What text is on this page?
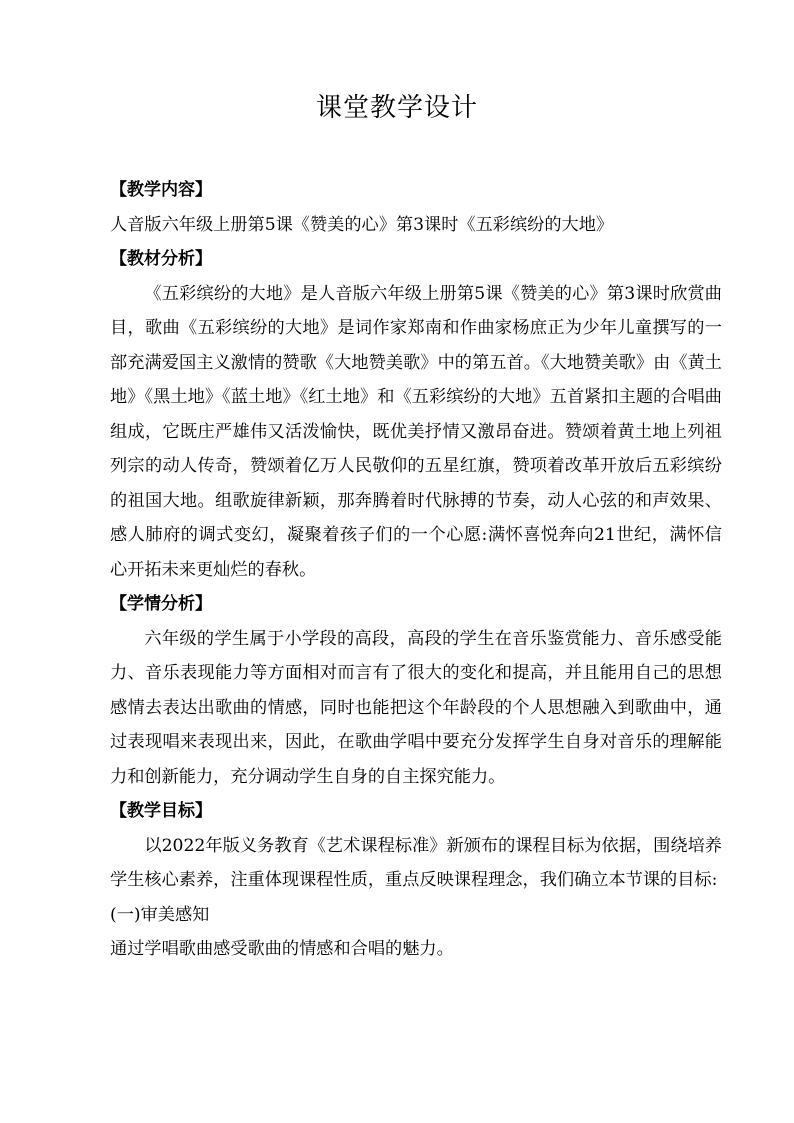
课堂教学设计
【教学内容】
人音版六年级上册第5课《赞美的心》第3课时《五彩缤纷的大地》
【教材分析】
《五彩缤纷的大地》是人音版六年级上册第5课《赞美的心》第3课时欣赏曲目，歌曲《五彩缤纷的大地》是词作家郑南和作曲家杨庶正为少年儿童撰写的一部充满爱国主义激情的赞歌《大地赞美歌》中的第五首。《大地赞美歌》由《黄土地》《黑土地》《蓝土地》《红土地》和《五彩缤纷的大地》五首紧扣主题的合唱曲组成，它既庄严雄伟又活泼愉快，既优美抒情又激昂奋进。赞颂着黄土地上列祖列宗的动人传奇，赞颂着亿万人民敬仰的五星红旗，赞项着改革开放后五彩缤纷的祖国大地。组歌旋律新颖，那奔腾着时代脉搏的节奏，动人心弦的和声效果、感人肺府的调式变幻，凝聚着孩子们的一个心愿:满怀喜悦奔向21世纪，满怀信心开拓未来更灿烂的春秋。
【学情分析】
六年级的学生属于小学段的高段，高段的学生在音乐鉴赏能力、音乐感受能力、音乐表现能力等方面相对而言有了很大的变化和提高，并且能用自己的思想感情去表达出歌曲的情感，同时也能把这个年龄段的个人思想融入到歌曲中，通过表现唱来表现出来，因此，在歌曲学唱中要充分发挥学生自身对音乐的理解能力和创新能力，充分调动学生自身的自主探究能力。
【教学目标】
以2022年版义务教育《艺术课程标准》新颁布的课程目标为依据，围绕培养学生核心素养，注重体现课程性质，重点反映课程理念，我们确立本节课的目标:
(一)审美感知
通过学唱歌曲感受歌曲的情感和合唱的魅力。
